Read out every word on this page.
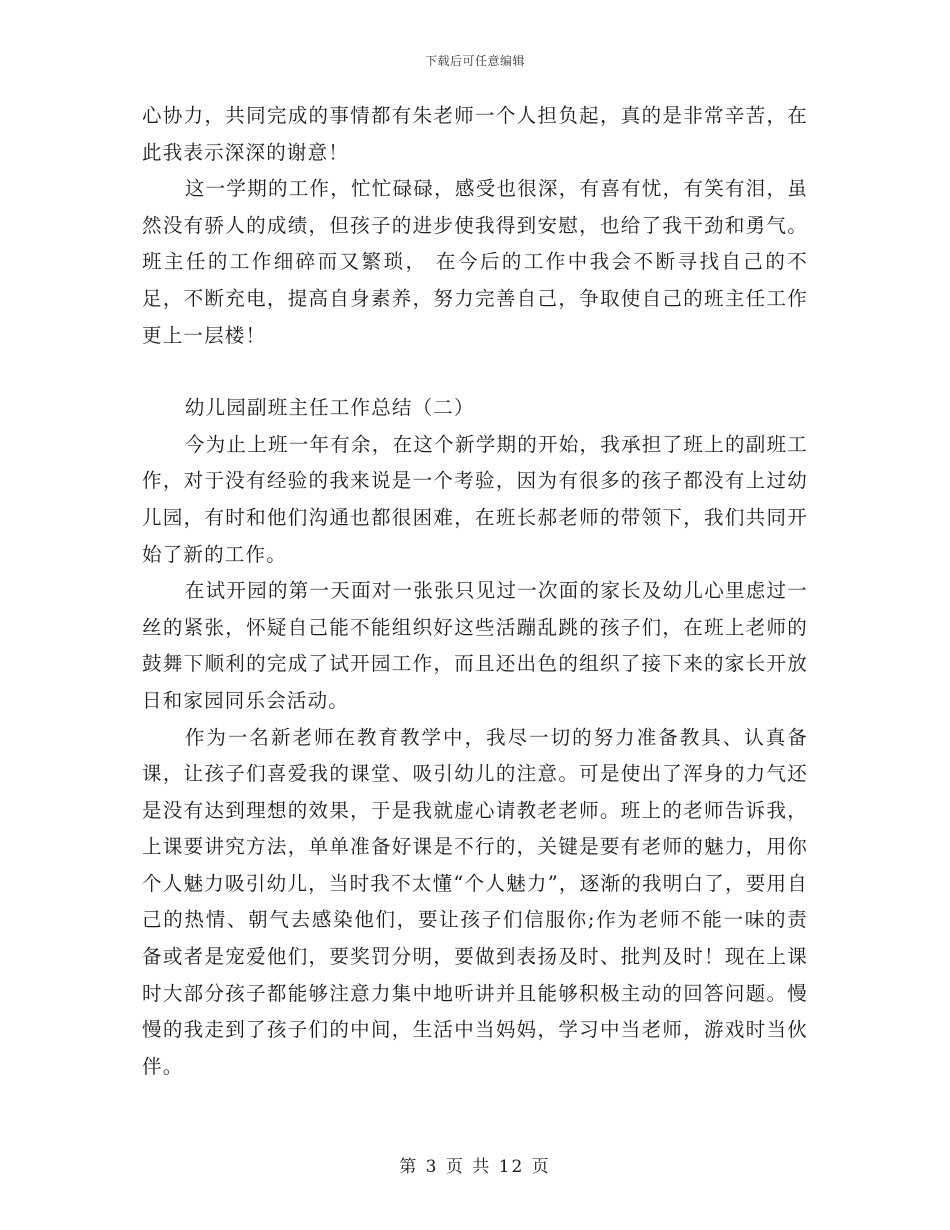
下载后可任意编辑

心协力，共同完成的事情都有朱老师一个人担负起，真的是非常辛苦，在此我表示深深的谢意！

这一学期的工作，忙忙碌碌，感受也很深，有喜有忧，有笑有泪，虽然没有骄人的成绩，但孩子的进步使我得到安慰，也给了我干劲和勇气。班主任的工作细碎而又繁琐， 在今后的工作中我会不断寻找自己的不足，不断充电，提高自身素养，努力完善自己，争取使自己的班主任工作更上一层楼！

幼儿园副班主任工作总结（二）

今为止上班一年有余，在这个新学期的开始，我承担了班上的副班工作，对于没有经验的我来说是一个考验，因为有很多的孩子都没有上过幼儿园，有时和他们沟通也都很困难，在班长郝老师的带领下，我们共同开始了新的工作。

在试开园的第一天面对一张张只见过一次面的家长及幼儿心里虑过一丝的紧张，怀疑自己能不能组织好这些活蹦乱跳的孩子们，在班上老师的鼓舞下顺利的完成了试开园工作，而且还出色的组织了接下来的家长开放日和家园同乐会活动。

作为一名新老师在教育教学中，我尽一切的努力准备教具、认真备课，让孩子们喜爱我的课堂、吸引幼儿的注意。可是使出了浑身的力气还是没有达到理想的效果，于是我就虚心请教老老师。班上的老师告诉我，上课要讲究方法，单单准备好课是不行的，关键是要有老师的魅力，用你个人魅力吸引幼儿，当时我不太懂“个人魅力”，逐渐的我明白了，要用自己的热情、朝气去感染他们，要让孩子们信服你;作为老师不能一味的责备或者是宠爱他们，要奖罚分明，要做到表扬及时、批判及时！现在上课时大部分孩子都能够注意力集中地听讲并且能够积极主动的回答问题。慢慢的我走到了孩子们的中间，生活中当妈妈，学习中当老师，游戏时当伙伴。

第 3 页 共 12 页
